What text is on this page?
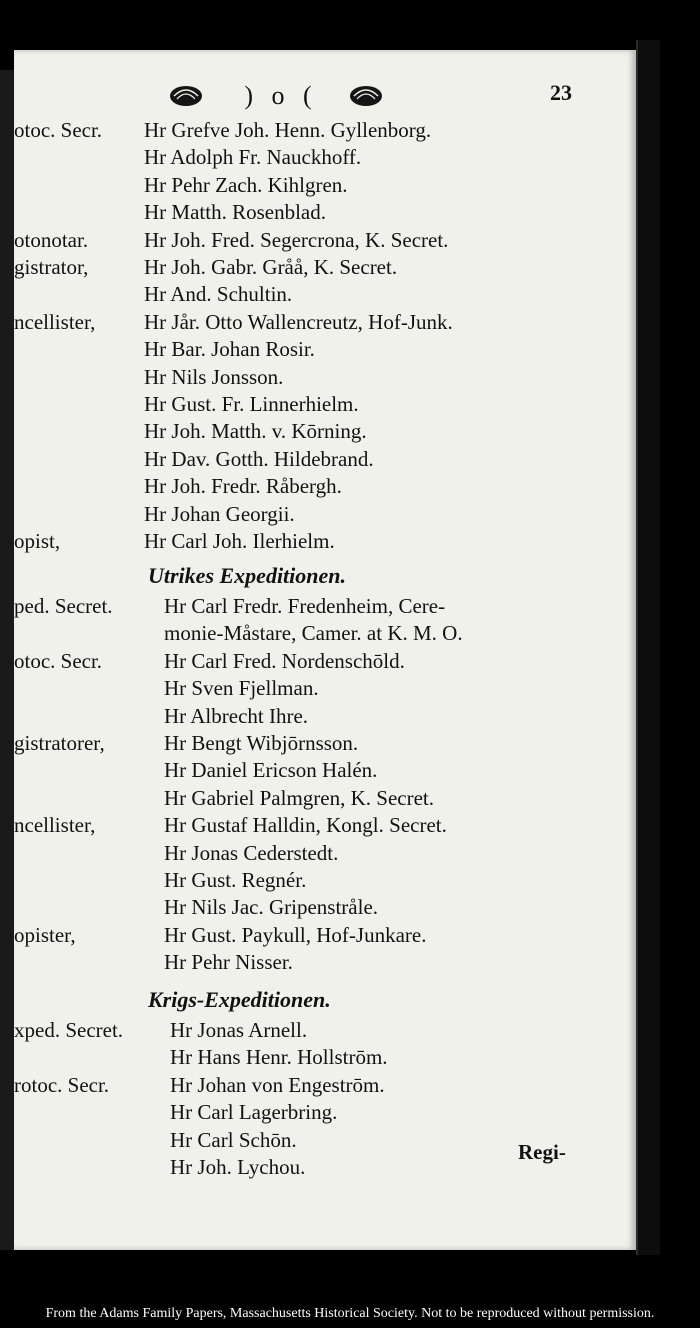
) o (	23
otoc. Secr. Hr Grefve Joh. Henn. Gyllenborg.
Hr Adolph Fr. Nauckhoff.
Hr Pehr Zach. Kihlgren.
Hr Matth. Rosenblad.
otonotar.	Hr Joh. Fred. Segercrona, K. Secret.
gistrator,	Hr Joh. Gabr. Gråå, K. Secret.
Hr And. Schultin.
ncellister, Hr Jår. Otto Wallencreutz, Hof-Junk.
Hr Bar. Johan Rosir.
Hr Nils Jonsson.
Hr Gust. Fr. Linnerhielm.
Hr Joh. Matth. v. Kōrning.
Hr Dav. Gotth. Hildebrand.
Hr Joh. Fredr. Råbergh.
Hr Johan Georgii.
opist,	Hr Carl Joh. Ilerhielm.
Utrikes Expeditionen.
ped. Secret. Hr Carl Fredr. Fredenheim, Cere-
monie-Måstare, Camer. at K. M. O.
otoc. Secr.	Hr Carl Fred. Nordenschōld.
Hr Sven Fjellman.
Hr Albrecht Ihre.
gistratorer,	Hr Bengt Wibjōrnsson.
Hr Daniel Ericson Halén.
Hr Gabriel Palmgren, K. Secret.
ncellister,	Hr Gustaf Halldin, Kongl. Secret.
Hr Jonas Cederstedt.
Hr Gust. Regnér.
Hr Nils Jac. Gripenstråle.
opister,	Hr Gust. Paykull, Hof-Junkare.
Hr Pehr Nisser.
Krigs-Expeditionen.
xped. Secret. Hr Jonas Arnell.
Hr Hans Henr. Hollstrōm.
rotoc. Secr.	Hr Johan von Engestrōm.
Hr Carl Lagerbring.
Hr Carl Schōn.
Hr Joh. Lychou.
Regi-
From the Adams Family Papers, Massachusetts Historical Society. Not to be reproduced without permission.
